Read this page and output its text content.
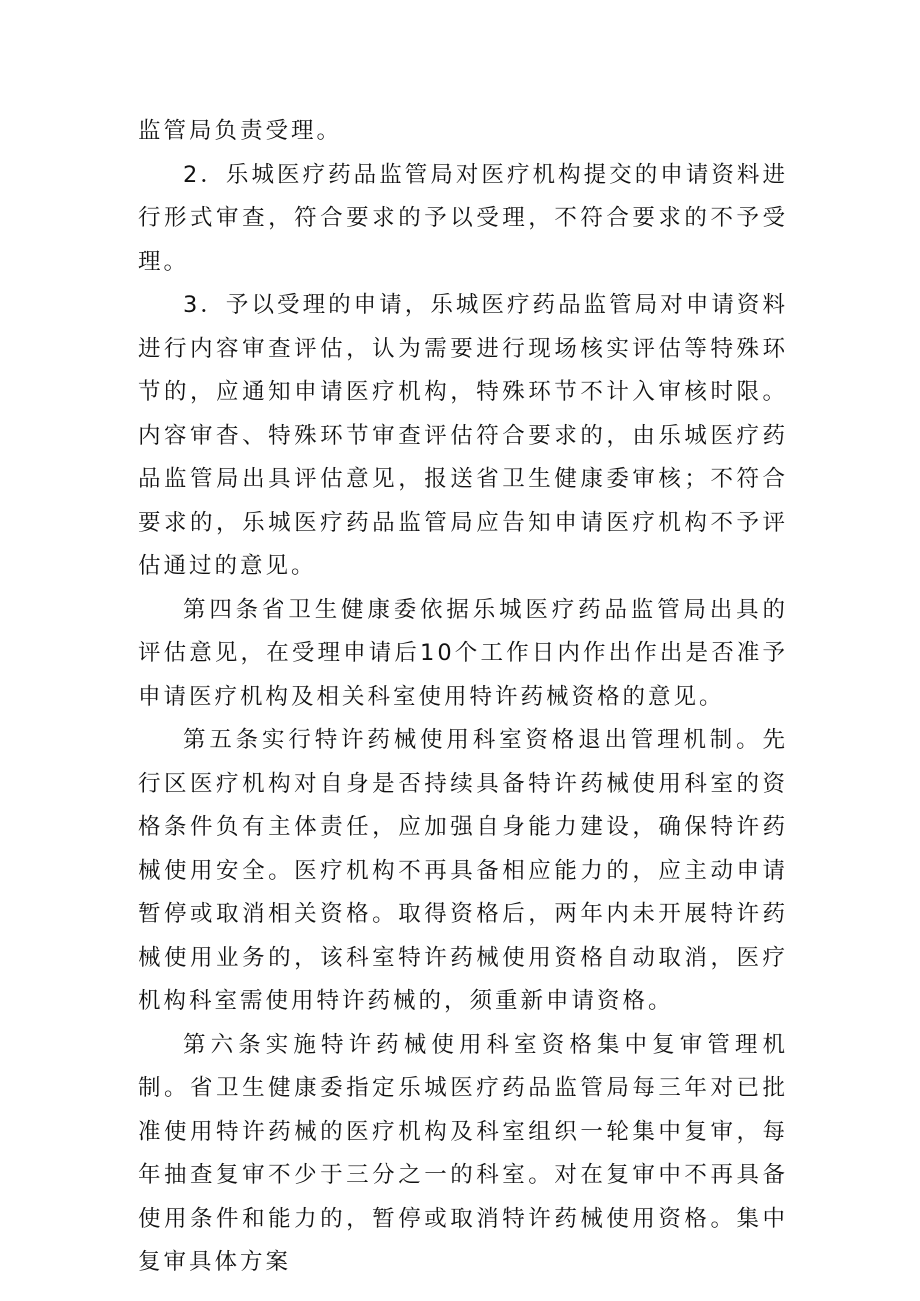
监管局负责受理。

2．乐城医疗药品监管局对医疗机构提交的申请资料进行形式审查，符合要求的予以受理，不符合要求的不予受理。

3．予以受理的申请，乐城医疗药品监管局对申请资料进行内容审查评估，认为需要进行现场核实评估等特殊环节的，应通知申请医疗机构，特殊环节不计入审核时限。内容审杳、特殊环节审查评估符合要求的，由乐城医疗药品监管局出具评估意见，报送省卫生健康委审核；不符合要求的，乐城医疗药品监管局应告知申请医疗机构不予评估通过的意见。

第四条省卫生健康委依据乐城医疗药品监管局出具的评估意见，在受理申请后10个工作日内作出作出是否准予申请医疗机构及相关科室使用特许药械资格的意见。

第五条实行特许药械使用科室资格退出管理机制。先行区医疗机构对自身是否持续具备特许药械使用科室的资格条件负有主体责任，应加强自身能力建设，确保特许药械使用安全。医疗机构不再具备相应能力的，应主动申请暂停或取消相关资格。取得资格后，两年内未开展特许药械使用业务的，该科室特许药械使用资格自动取消，医疗机构科室需使用特许药械的，须重新申请资格。

第六条实施特许药械使用科室资格集中复审管理机制。省卫生健康委指定乐城医疗药品监管局每三年对已批准使用特许药械的医疗机构及科室组织一轮集中复审，每年抽查复审不少于三分之一的科室。对在复审中不再具备使用条件和能力的，暂停或取消特许药械使用资格。集中复审具体方案
